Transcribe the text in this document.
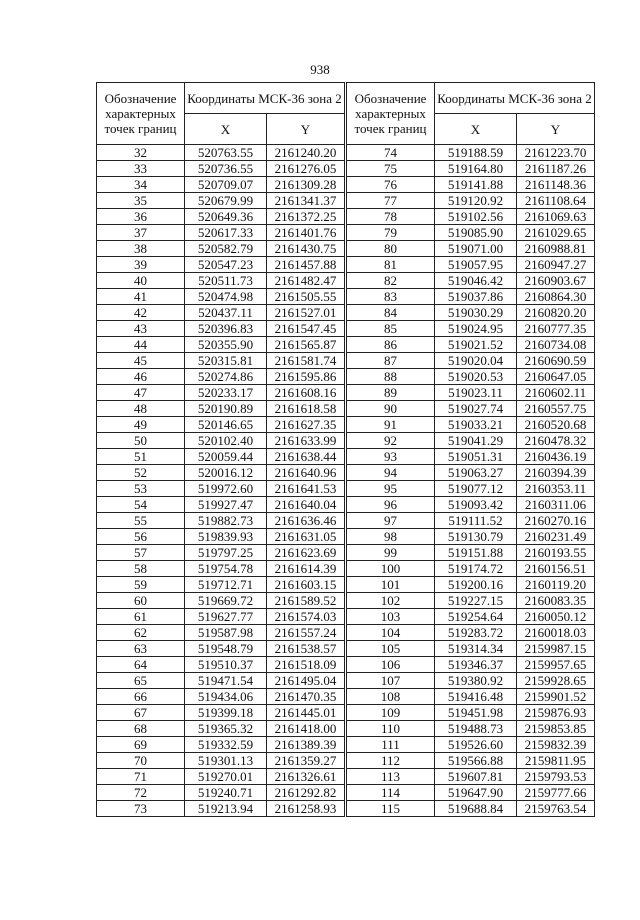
938
Обозначение характерных точек границ	Координаты МСК-36 зона 2	
	X	Y
32	520763.55	2161240.20
33	520736.55	2161276.05
34	520709.07	2161309.28
35	520679.99	2161341.37
36	520649.36	2161372.25
37	520617.33	2161401.76
38	520582.79	2161430.75
39	520547.23	2161457.88
40	520511.73	2161482.47
41	520474.98	2161505.55
42	520437.11	2161527.01
43	520396.83	2161547.45
44	520355.90	2161565.87
45	520315.81	2161581.74
46	520274.86	2161595.86
47	520233.17	2161608.16
48	520190.89	2161618.58
49	520146.65	2161627.35
50	520102.40	2161633.99
51	520059.44	2161638.44
52	520016.12	2161640.96
53	519972.60	2161641.53
54	519927.47	2161640.04
55	519882.73	2161636.46
56	519839.93	2161631.05
57	519797.25	2161623.69
58	519754.78	2161614.39
59	519712.71	2161603.15
60	519669.72	2161589.52
61	519627.77	2161574.03
62	519587.98	2161557.24
63	519548.79	2161538.57
64	519510.37	2161518.09
65	519471.54	2161495.04
66	519434.06	2161470.35
67	519399.18	2161445.01
68	519365.32	2161418.00
69	519332.59	2161389.39
70	519301.13	2161359.27
71	519270.01	2161326.61
72	519240.71	2161292.82
73	519213.94	2161258.93
Обозначение характерных точек границ	Координаты МСК-36 зона 2	
	X	Y
74	519188.59	2161223.70
75	519164.80	2161187.26
76	519141.88	2161148.36
77	519120.92	2161108.64
78	519102.56	2161069.63
79	519085.90	2161029.65
80	519071.00	2160988.81
81	519057.95	2160947.27
82	519046.42	2160903.67
83	519037.86	2160864.30
84	519030.29	2160820.20
85	519024.95	2160777.35
86	519021.52	2160734.08
87	519020.04	2160690.59
88	519020.53	2160647.05
89	519023.11	2160602.11
90	519027.74	2160557.75
91	519033.21	2160520.68
92	519041.29	2160478.32
93	519051.31	2160436.19
94	519063.27	2160394.39
95	519077.12	2160353.11
96	519093.42	2160311.06
97	519111.52	2160270.16
98	519130.79	2160231.49
99	519151.88	2160193.55
100	519174.72	2160156.51
101	519200.16	2160119.20
102	519227.15	2160083.35
103	519254.64	2160050.12
104	519283.72	2160018.03
105	519314.34	2159987.15
106	519346.37	2159957.65
107	519380.92	2159928.65
108	519416.48	2159901.52
109	519451.98	2159876.93
110	519488.73	2159853.85
111	519526.60	2159832.39
112	519566.88	2159811.95
113	519607.81	2159793.53
114	519647.90	2159777.66
115	519688.84	2159763.54
